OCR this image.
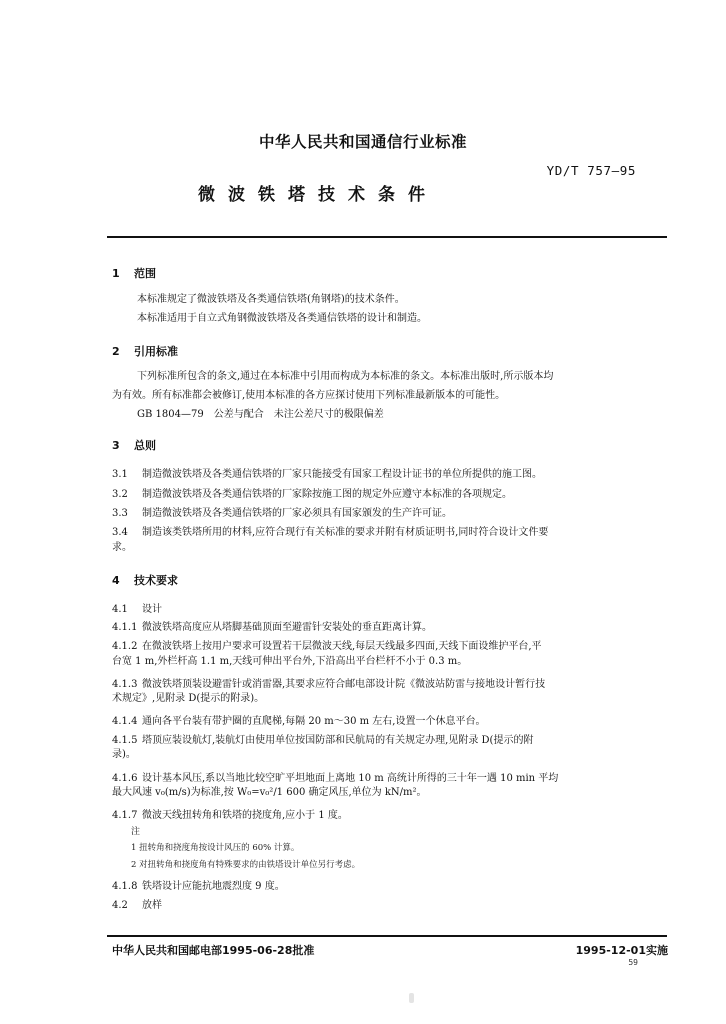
中华人民共和国通信行业标准
YD/T 757—95
微波铁塔技术条件
1 范围
本标准规定了微波铁塔及各类通信铁塔(角钢塔)的技术条件。
本标准适用于自立式角钢微波铁塔及各类通信铁塔的设计和制造。
2 引用标准
下列标准所包含的条文,通过在本标准中引用而构成为本标准的条文。本标准出版时,所示版本均
为有效。所有标准都会被修订,使用本标准的各方应探讨使用下列标准最新版本的可能性。
GB 1804—79　公差与配合　未注公差尺寸的极限偏差
3 总则
3.1 制造微波铁塔及各类通信铁塔的厂家只能接受有国家工程设计证书的单位所提供的施工图。
3.2 制造微波铁塔及各类通信铁塔的厂家除按施工图的规定外应遵守本标准的各项规定。
3.3 制造微波铁塔及各类通信铁塔的厂家必须具有国家颁发的生产许可证。
3.4 制造该类铁塔所用的材料,应符合现行有关标准的要求并附有材质证明书,同时符合设计文件要
求。
4 技术要求
4.1 设计
4.1.1 微波铁塔高度应从塔脚基础顶面至避雷针安装处的垂直距离计算。
4.1.2 在微波铁塔上按用户要求可设置若干层微波天线,每层天线最多四面,天线下面设维护平台,平
台宽 1 m,外栏杆高 1.1 m,天线可伸出平台外,下沿高出平台栏杆不小于 0.3 m。
4.1.3 微波铁塔顶装设避雷针或消雷器,其要求应符合邮电部设计院《微波站防雷与接地设计暂行技
术规定》,见附录 D(提示的附录)。
4.1.4 通向各平台装有带护圈的直爬梯,每隔 20 m～30 m 左右,设置一个休息平台。
4.1.5 塔顶应装设航灯,装航灯由使用单位按国防部和民航局的有关规定办理,见附录 D(提示的附
录)。
4.1.6 设计基本风压,系以当地比较空旷平坦地面上离地 10 m 高统计所得的三十年一遇 10 min 平均
最大风速 v₀(m/s)为标准,按 W₀=v₀²/1 600 确定风压,单位为 kN/m²。
4.1.7 微波天线扭转角和铁塔的挠度角,应小于 1 度。
注
1 扭转角和挠度角按设计风压的 60% 计算。
2 对扭转角和挠度角有特殊要求的由铁塔设计单位另行考虑。
4.1.8 铁塔设计应能抗地震烈度 9 度。
4.2 放样
中华人民共和国邮电部1995-06-28批准	1995-12-01实施
59
